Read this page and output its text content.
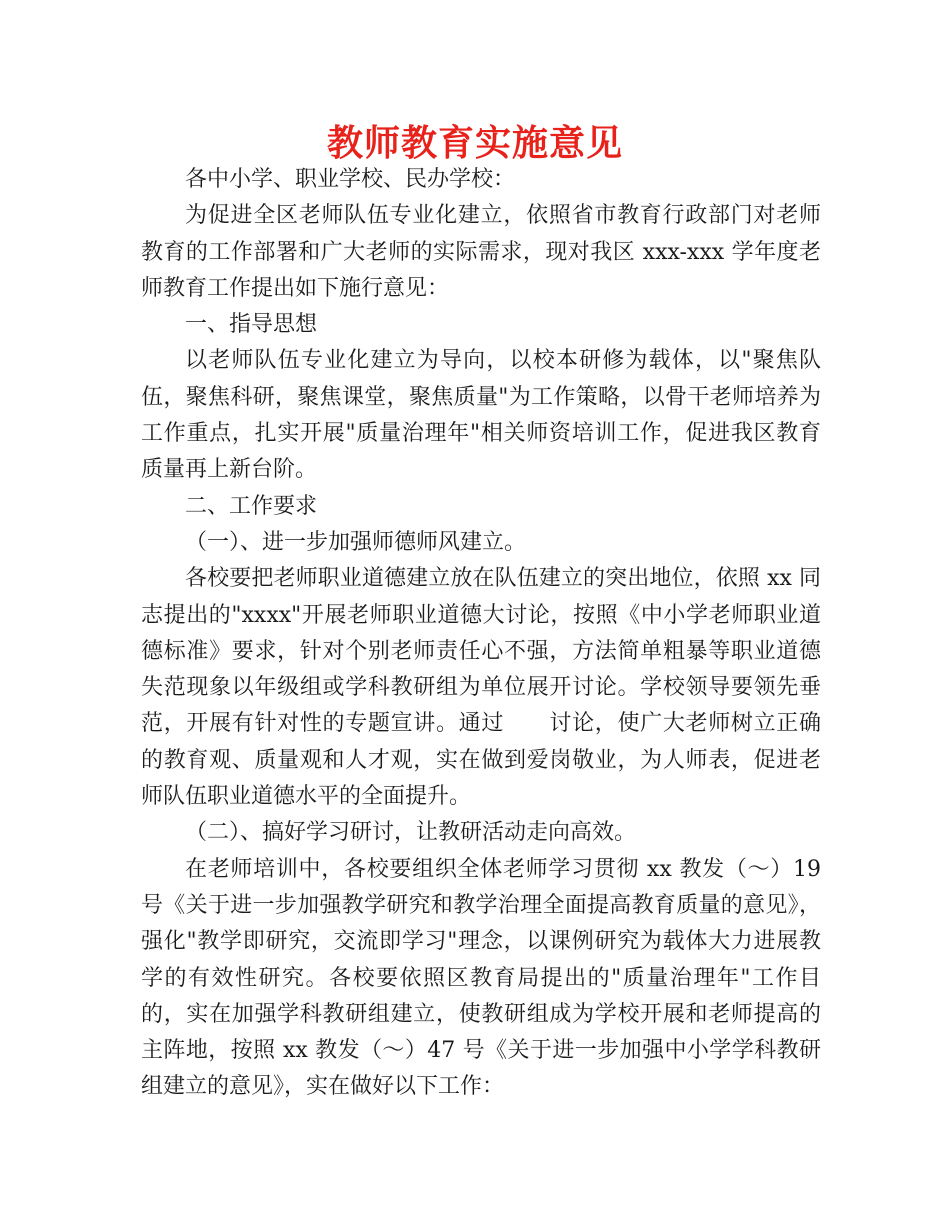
教师教育实施意见

各中小学、职业学校、民办学校：

为促进全区老师队伍专业化建立，依照省市教育行政部门对老师教育的工作部署和广大老师的实际需求，现对我区 xxx-xxx 学年度老师教育工作提出如下施行意见：

一、指导思想

以老师队伍专业化建立为导向，以校本研修为载体，以"聚焦队伍，聚焦科研，聚焦课堂，聚焦质量"为工作策略，以骨干老师培养为工作重点，扎实开展"质量治理年"相关师资培训工作，促进我区教育质量再上新台阶。

二、工作要求

（一）、进一步加强师德师风建立。

各校要把老师职业道德建立放在队伍建立的突出地位，依照 xx 同志提出的"xxxx"开展老师职业道德大讨论，按照《中小学老师职业道德标准》要求，针对个别老师责任心不强，方法简单粗暴等职业道德失范现象以年级组或学科教研组为单位展开讨论。学校领导要领先垂范，开展有针对性的专题宣讲。通过　　讨论，使广大老师树立正确的教育观、质量观和人才观，实在做到爱岗敬业，为人师表，促进老师队伍职业道德水平的全面提升。

（二）、搞好学习研讨，让教研活动走向高效。

在老师培训中，各校要组织全体老师学习贯彻 xx 教发（～）19 号《关于进一步加强教学研究和教学治理全面提高教育质量的意见》，强化"教学即研究，交流即学习"理念，以课例研究为载体大力进展教学的有效性研究。各校要依照区教育局提出的"质量治理年"工作目的，实在加强学科教研组建立，使教研组成为学校开展和老师提高的主阵地，按照 xx 教发（～）47 号《关于进一步加强中小学学科教研组建立的意见》，实在做好以下工作：
